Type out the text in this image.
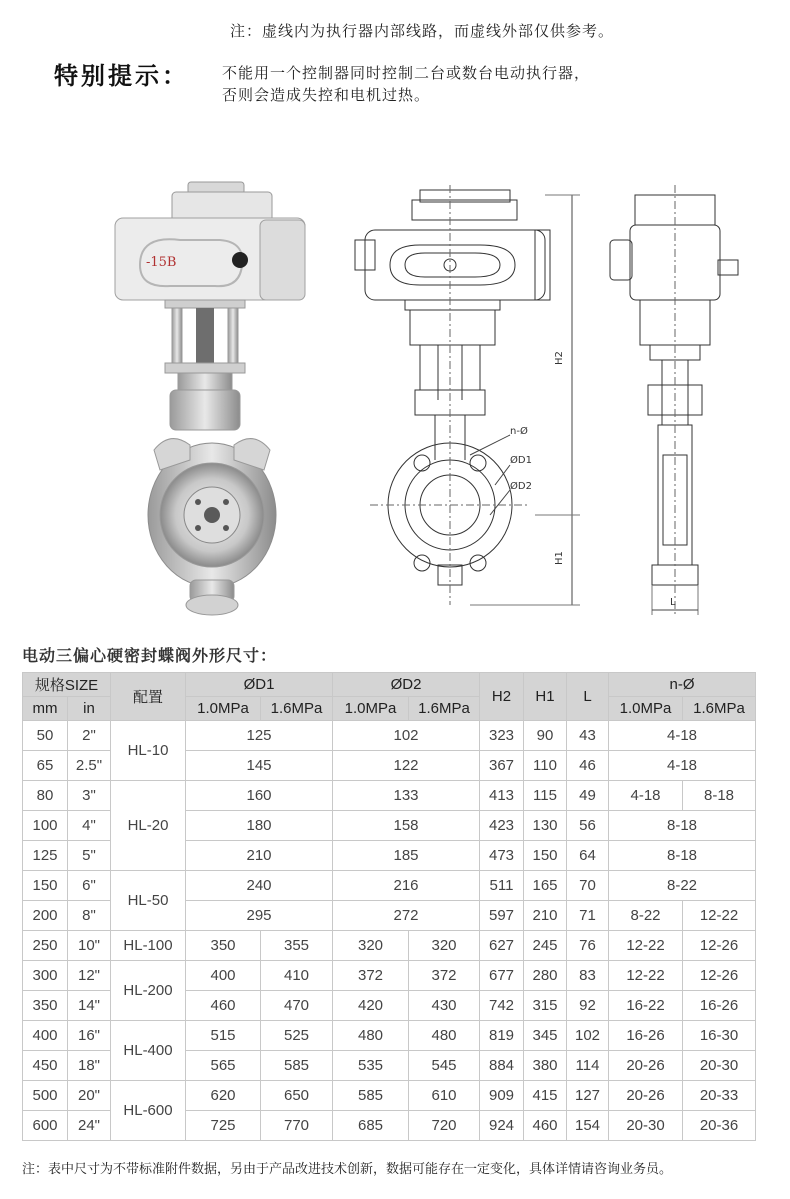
注：虚线内为执行器内部线路，而虚线外部仅供参考。
特别提示： 不能用一个控制器同时控制二台或数台电动执行器，
否则会造成失控和电机过热。
-15B
n-Ø
ØD1
ØD2
H2
H1
L
电动三偏心硬密封蝶阀外形尺寸：
规格SIZE		配置	ØD1		ØD2		H2	H1	L	n-Ø	
mm	in		1.0MPa	1.6MPa	1.0MPa	1.6MPa				1.0MPa	1.6MPa
50	2"	HL-10	125		102		323	90	43	4-18	
65	2.5"		145		122		367	110	46	4-18	
80	3"	HL-20	160		133		413	115	49	4-18	8-18
100	4"		180		158		423	130	56	8-18	
125	5"		210		185		473	150	64	8-18	
150	6"	HL-50	240		216		511	165	70	8-22	
200	8"		295		272		597	210	71	8-22	12-22
250	10"	HL-100	350	355	320	320	627	245	76	12-22	12-26
300	12"	HL-200	400	410	372	372	677	280	83	12-22	12-26
350	14"		460	470	420	430	742	315	92	16-22	16-26
400	16"	HL-400	515	525	480	480	819	345	102	16-26	16-30
450	18"		565	585	535	545	884	380	114	20-26	20-30
500	20"	HL-600	620	650	585	610	909	415	127	20-26	20-33
600	24"		725	770	685	720	924	460	154	20-30	20-36
注：表中尺寸为不带标准附件数据，另由于产品改进技术创新，数据可能存在一定变化，具体详情请咨询业务员。
